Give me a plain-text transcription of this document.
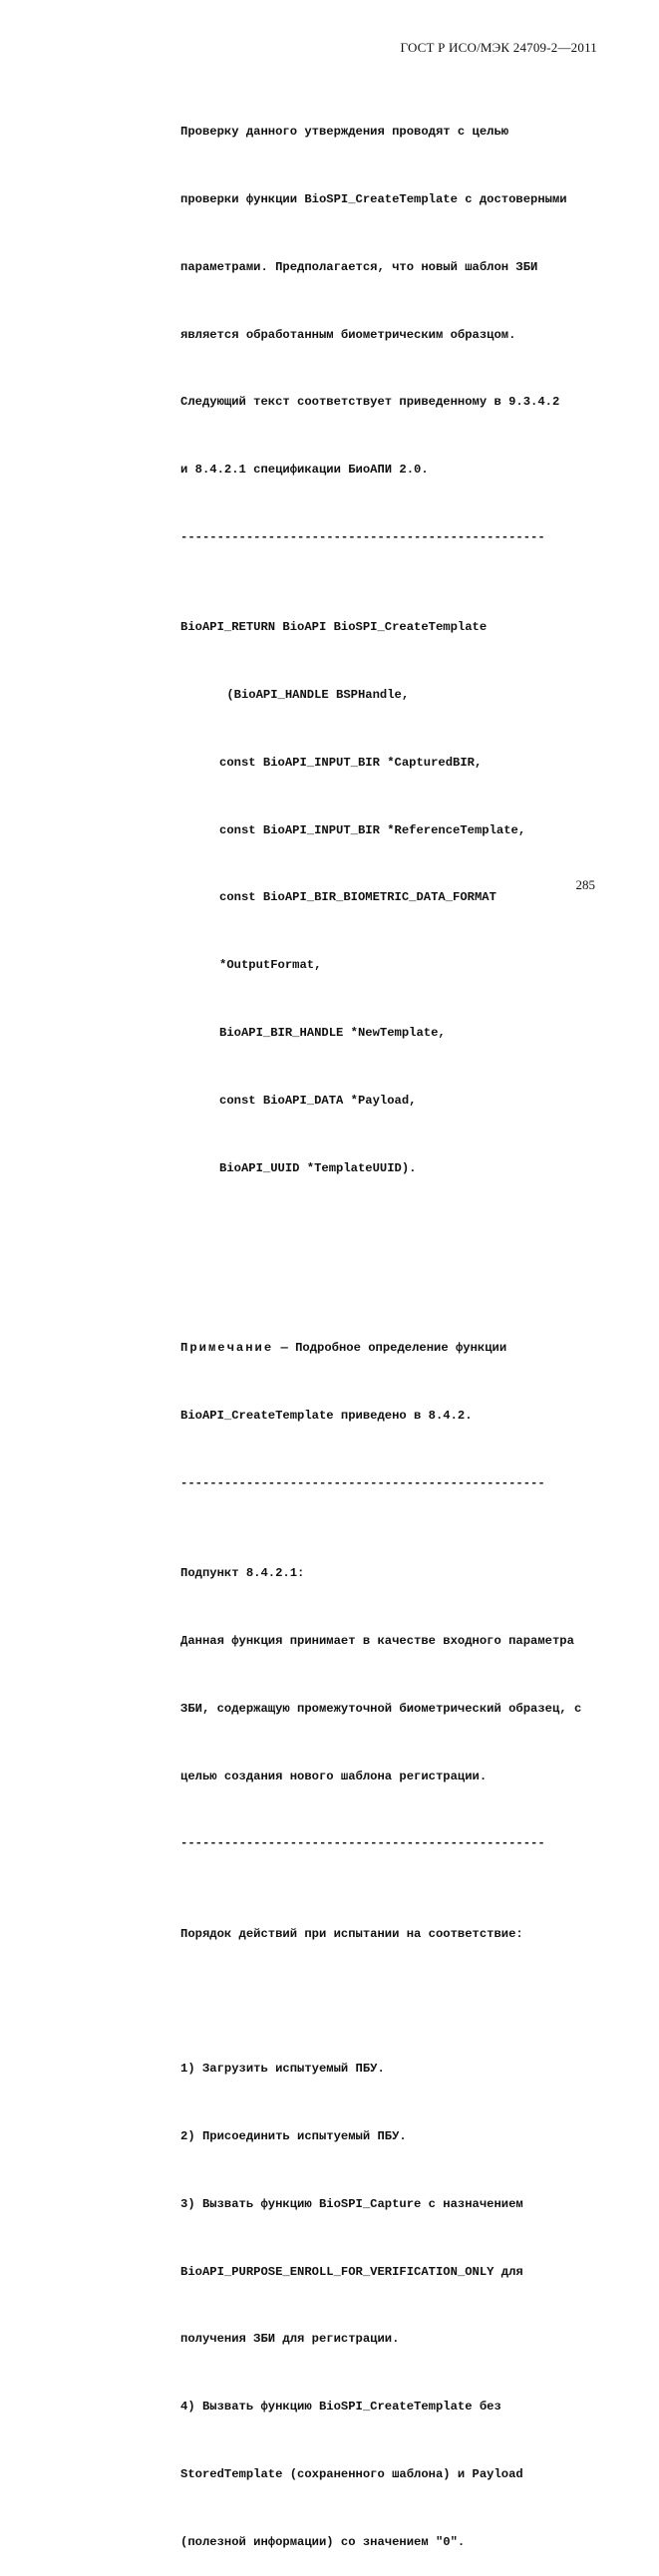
ГОСТ Р ИСО/МЭК 24709-2—2011

Проверку данного утверждения проводят с целью

проверки функции BioSPI_CreateTemplate с достоверными

параметрами. Предполагается, что новый шаблон ЗБИ

является обработанным биометрическим образцом.

Следующий текст соответствует приведенному в 9.3.4.2

и 8.4.2.1 спецификации БиоАПИ 2.0.

--------------------------------------------------

BioAPI_RETURN BioAPI BioSPI_CreateTemplate

(BioAPI_HANDLE BSPHandle,

const BioAPI_INPUT_BIR *CapturedBIR,

const BioAPI_INPUT_BIR *ReferenceTemplate,

const BioAPI_BIR_BIOMETRIC_DATA_FORMAT

*OutputFormat,

BioAPI_BIR_HANDLE *NewTemplate,

const BioAPI_DATA *Payload,

BioAPI_UUID *TemplateUUID).

Примечание — Подробное определение функции

BioAPI_CreateTemplate приведено в 8.4.2.

--------------------------------------------------

Подпункт 8.4.2.1:

Данная функция принимает в качестве входного параметра

ЗБИ, содержащую промежуточной биометрический образец, с

целью создания нового шаблона регистрации.

--------------------------------------------------

Порядок действий при испытании на соответствие:

1) Загрузить испытуемый ПБУ.

2) Присоединить испытуемый ПБУ.

3) Вызвать функцию BioSPI_Capture с назначением

BioAPI_PURPOSE_ENROLL_FOR_VERIFICATION_ONLY для

получения ЗБИ для регистрации.

4) Вызвать функцию BioSPI_CreateTemplate без

StoredTemplate (сохраненного шаблона) и Payload

(полезной информации) со значением "0".

285
